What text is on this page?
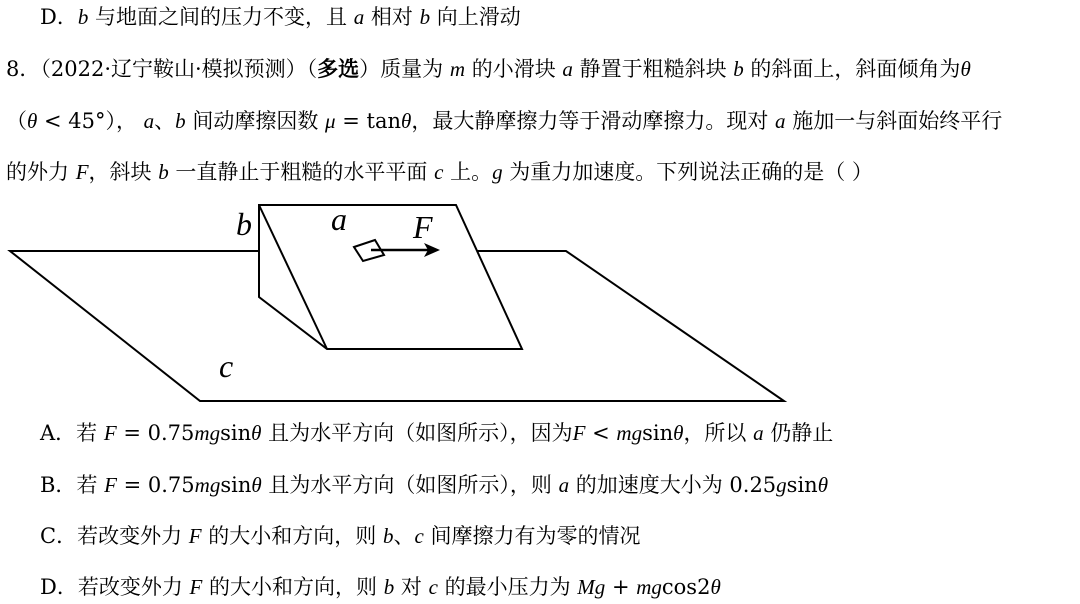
D．b 与地面之间的压力不变，且 a 相对 b 向上滑动
8．（2022·辽宁鞍山·模拟预测）（多选）质量为 m 的小滑块 a 静置于粗糙斜块 b 的斜面上，斜面倾角为θ
（θ < 45°）， a、b 间动摩擦因数 μ = tanθ，最大静摩擦力等于滑动摩擦力。现对 a 施加一与斜面始终平行
的外力 F，斜块 b 一直静止于粗糙的水平平面 c 上。g 为重力加速度。下列说法正确的是（ ）
b a F
c
A．若 F = 0.75mgsinθ 且为水平方向（如图所示），因为F < mgsinθ，所以 a 仍静止
B．若 F = 0.75mgsinθ 且为水平方向（如图所示），则 a 的加速度大小为 0.25gsinθ
C．若改变外力 F 的大小和方向，则 b、c 间摩擦力有为零的情况
D．若改变外力 F 的大小和方向，则 b 对 c 的最小压力为 Mg + mgcos2θ
